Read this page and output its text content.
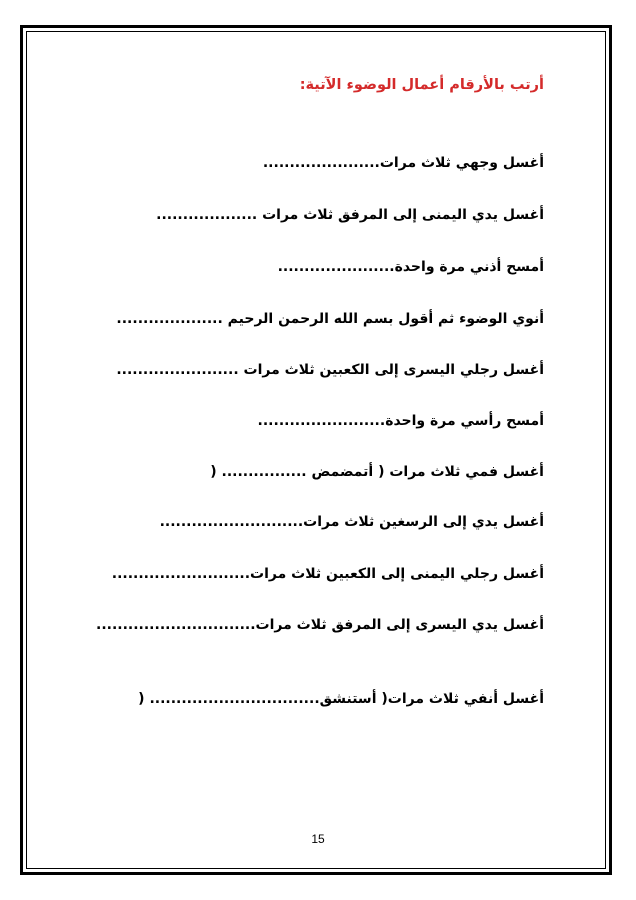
أرتب بالأرقام أعمال الوضوء الآتية:

أغسل وجهي ثلاث مرات......................

أغسل يدي اليمنى إلى المرفق ثلاث مرات ...................

أمسح أذني مرة واحدة......................

أنوي الوضوء ثم أقول بسم الله الرحمن الرحيم ....................

أغسل رجلي اليسرى إلى الكعبين ثلاث مرات .......................

أمسح رأسي مرة واحدة........................

أغسل فمي ثلاث مرات ( أتمضمض ................ (

أغسل يدي إلى الرسغين ثلاث مرات...........................

أغسل رجلي اليمنى إلى الكعبين ثلاث مرات..........................

أغسل يدي اليسرى إلى المرفق ثلاث مرات..............................

أغسل أنفي ثلاث مرات( أستنشق................................ (

15
